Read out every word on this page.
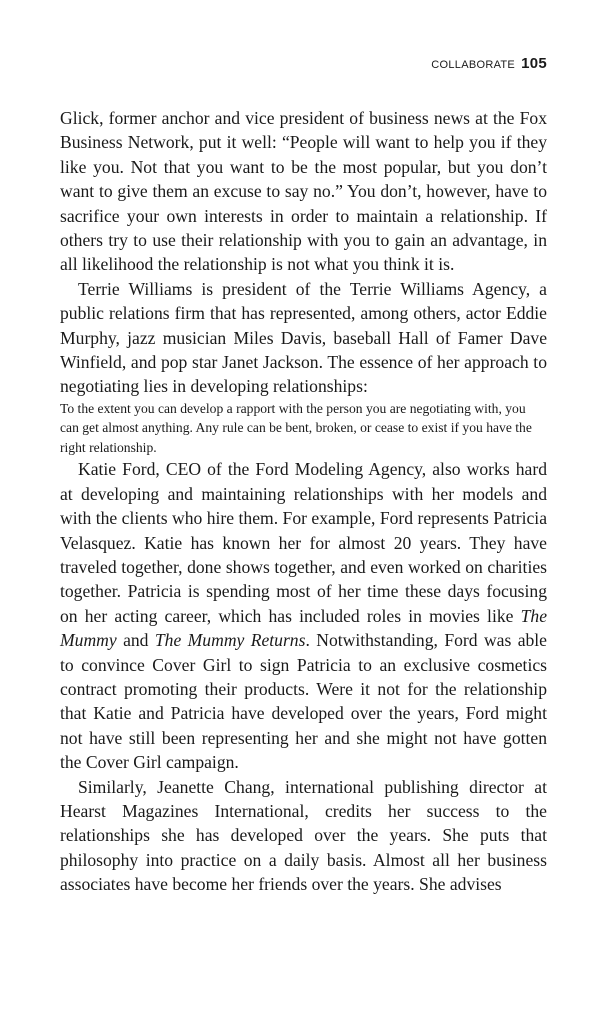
COLLABORATE 105

Glick, former anchor and vice president of business news at the Fox Business Network, put it well: “People will want to help you if they like you. Not that you want to be the most popular, but you don’t want to give them an excuse to say no.” You don’t, however, have to sacrifice your own interests in order to maintain a relationship. If others try to use their relationship with you to gain an advantage, in all likelihood the relationship is not what you think it is.

Terrie Williams is president of the Terrie Williams Agency, a public relations firm that has represented, among others, actor Eddie Murphy, jazz musician Miles Davis, baseball Hall of Famer Dave Winfield, and pop star Janet Jackson. The essence of her approach to negotiating lies in developing relationships:

To the extent you can develop a rapport with the person you are negotiating with, you can get almost anything. Any rule can be bent, broken, or cease to exist if you have the right relationship.

Katie Ford, CEO of the Ford Modeling Agency, also works hard at developing and maintaining relationships with her models and with the clients who hire them. For example, Ford represents Patricia Velasquez. Katie has known her for almost 20 years. They have traveled together, done shows together, and even worked on charities together. Patricia is spending most of her time these days focusing on her acting career, which has included roles in movies like The Mummy and The Mummy Returns. Notwithstanding, Ford was able to convince Cover Girl to sign Patricia to an exclusive cosmetics contract promoting their products. Were it not for the relationship that Katie and Patricia have developed over the years, Ford might not have still been representing her and she might not have gotten the Cover Girl campaign.

Similarly, Jeanette Chang, international publishing director at Hearst Magazines International, credits her success to the relationships she has developed over the years. She puts that philosophy into practice on a daily basis. Almost all her business associates have become her friends over the years. She advises
